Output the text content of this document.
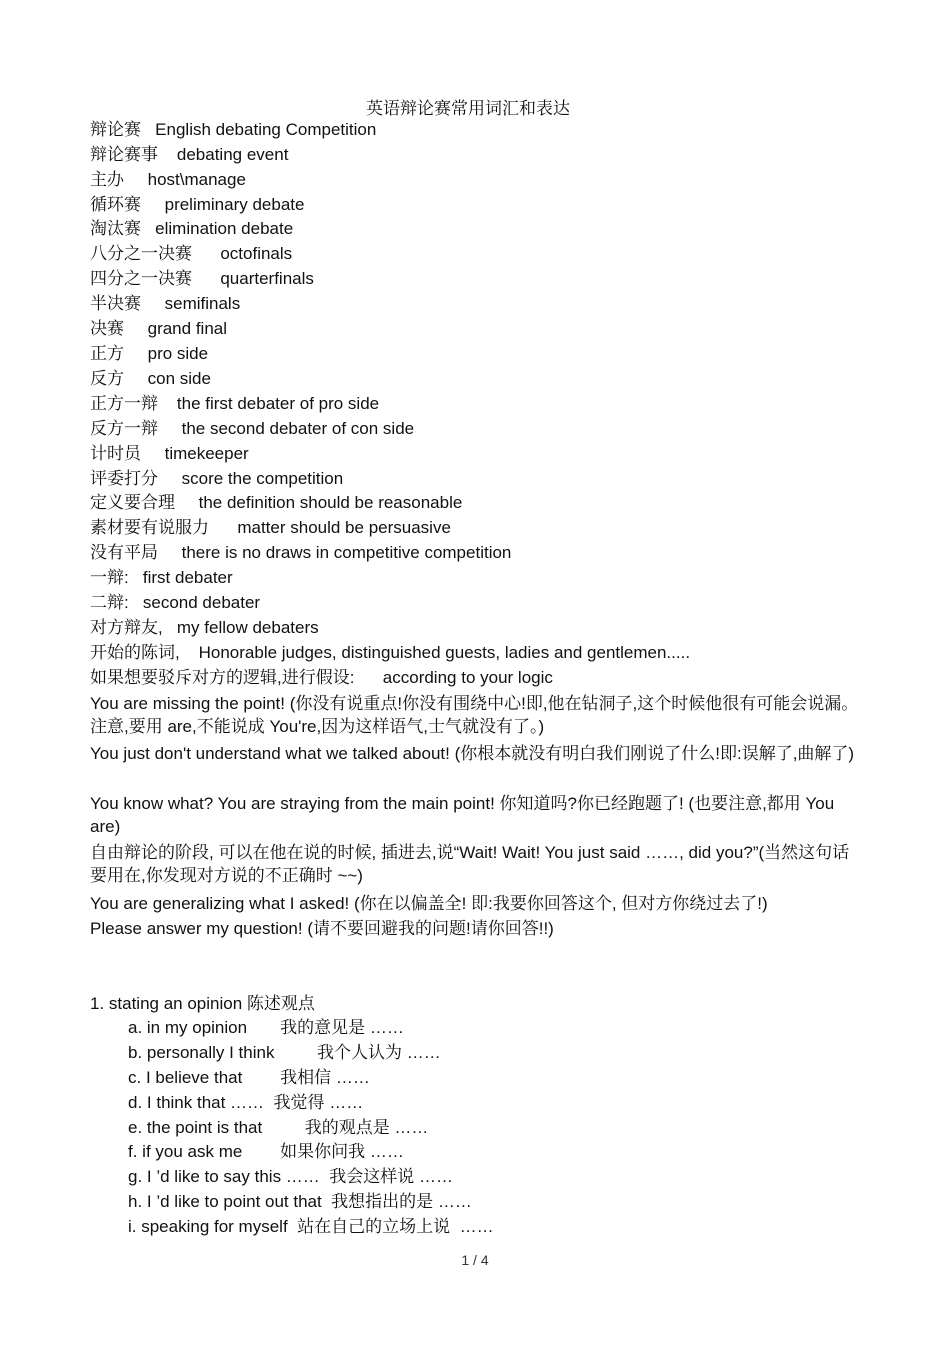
英语辩论赛常用词汇和表达
辩论赛   English debating Competition
辩论赛事    debating event
主办     host\manage
循环赛     preliminary debate
淘汰赛   elimination debate
八分之一决赛      octofinals
四分之一决赛      quarterfinals
半决赛     semifinals
决赛     grand final
正方     pro side
反方     con side
正方一辩    the first debater of pro side
反方一辩     the second debater of con side
计时员     timekeeper
评委打分     score the competition
定义要合理     the definition should be reasonable
素材要有说服力      matter should be persuasive
没有平局     there is no draws in competitive competition
一辩:   first debater
二辩:   second debater
对方辩友,   my fellow debaters
开始的陈词,    Honorable judges, distinguished guests, ladies and gentlemen.....
如果想要驳斥对方的逻辑,进行假设:      according to your logic
You are missing the point! (你没有说重点!你没有围绕中心!即,他在钻洞子,这个时候他很有可能会说漏。注意,要用 are,不能说成 You're,因为这样语气,士气就没有了。)
You just don't understand what we talked about! (你根本就没有明白我们刚说了什么!即:误解了,曲解了)
You know what? You are straying from the main point! 你知道吗?你已经跑题了! (也要注意,都用 You are)
自由辩论的阶段, 可以在他在说的时候, 插进去,说“Wait! Wait! You just said ……, did you?”(当然这句话要用在,你发现对方说的不正确时 ~~)
You are generalizing what I asked! (你在以偏盖全! 即:我要你回答这个, 但对方你绕过去了!)
Please answer my question! (请不要回避我的问题!请你回答!!)
1. stating an opinion 陈述观点
a. in my opinion       我的意见是 ……
b. personally I think         我个人认为 ……
c. I believe that        我相信 ……
d. I think that ……  我觉得 ……
e. the point is that         我的观点是 ……
f. if you ask me        如果你问我 ……
g. I ’d like to say this ……  我会这样说 ……
h. I ’d like to point out that  我想指出的是 ……
i. speaking for myself  站在自己的立场上说  ……
1 / 4
